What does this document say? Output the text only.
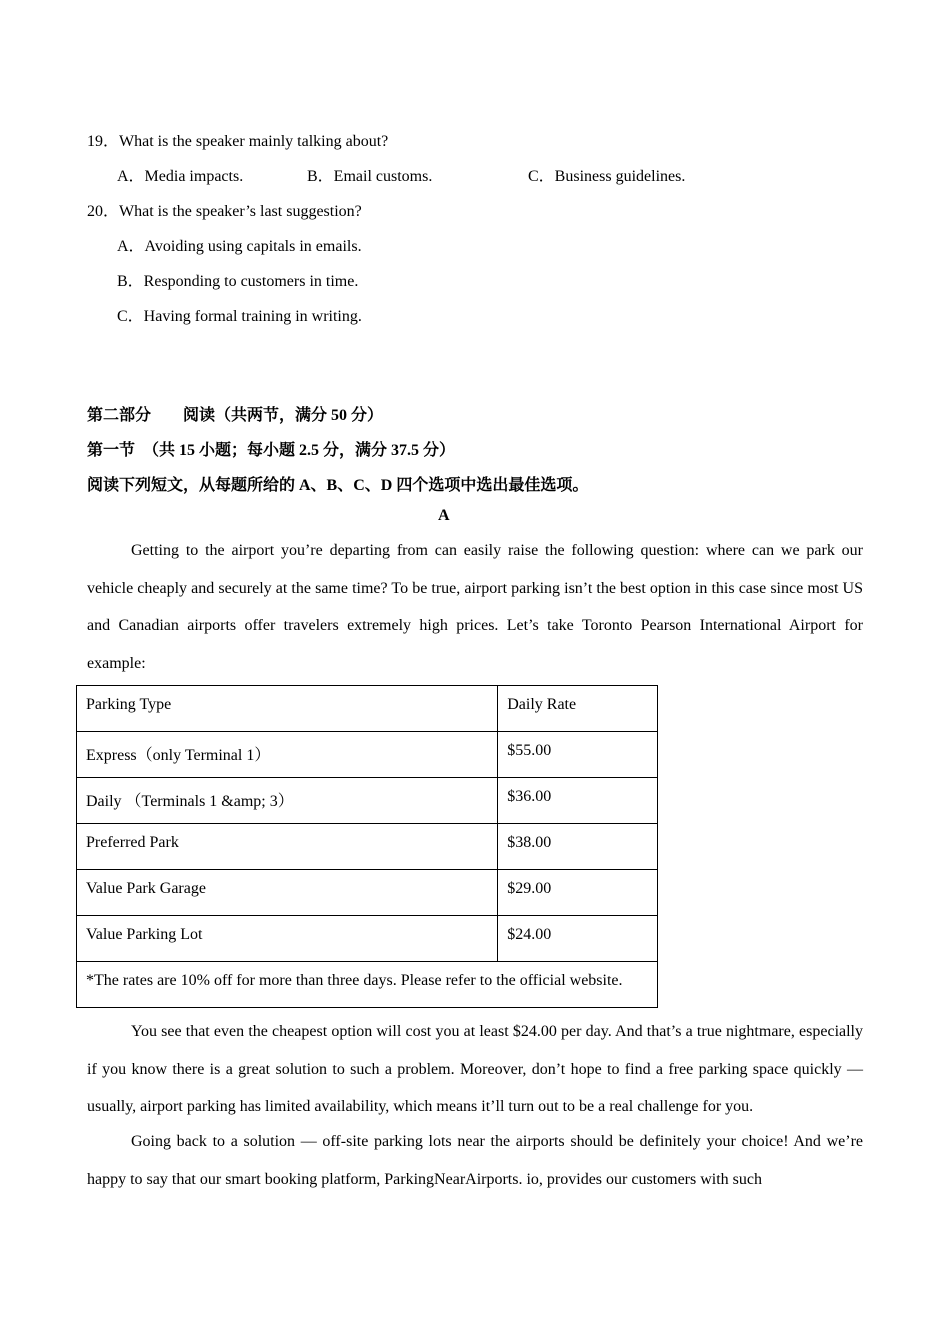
19．What is the speaker mainly talking about?
A．Media impacts.	B．Email customs.	C．Business guidelines.
20．What is the speaker’s last suggestion?
A．Avoiding using capitals in emails.
B．Responding to customers in time.
C．Having formal training in writing.
第二部分　　阅读（共两节，满分 50 分）
第一节　（共 15 小题；每小题 2.5 分，满分 37.5 分）
阅读下列短文，从每题所给的 A、B、C、D 四个选项中选出最佳选项。
A
Getting to the airport you’re departing from can easily raise the following question: where can we park our vehicle cheaply and securely at the same time? To be true, airport parking isn’t the best option in this case since most US and Canadian airports offer travelers extremely high prices. Let’s take Toronto Pearson International Airport for example:
Parking Type	Daily Rate
Express（only Terminal 1）	$55.00
Daily （Terminals 1 &amp; 3）	$36.00
Preferred Park	$38.00
Value Park Garage	$29.00
Value Parking Lot	$24.00
*The rates are 10% off for more than three days. Please refer to the official website.	
You see that even the cheapest option will cost you at least $24.00 per day. And that’s a true nightmare, especially if you know there is a great solution to such a problem. Moreover, don’t hope to find a free parking space quickly — usually, airport parking has limited availability, which means it’ll turn out to be a real challenge for you.
Going back to a solution — off-site parking lots near the airports should be definitely your choice! And we’re happy to say that our smart booking platform, ParkingNearAirports. io, provides our customers with such
